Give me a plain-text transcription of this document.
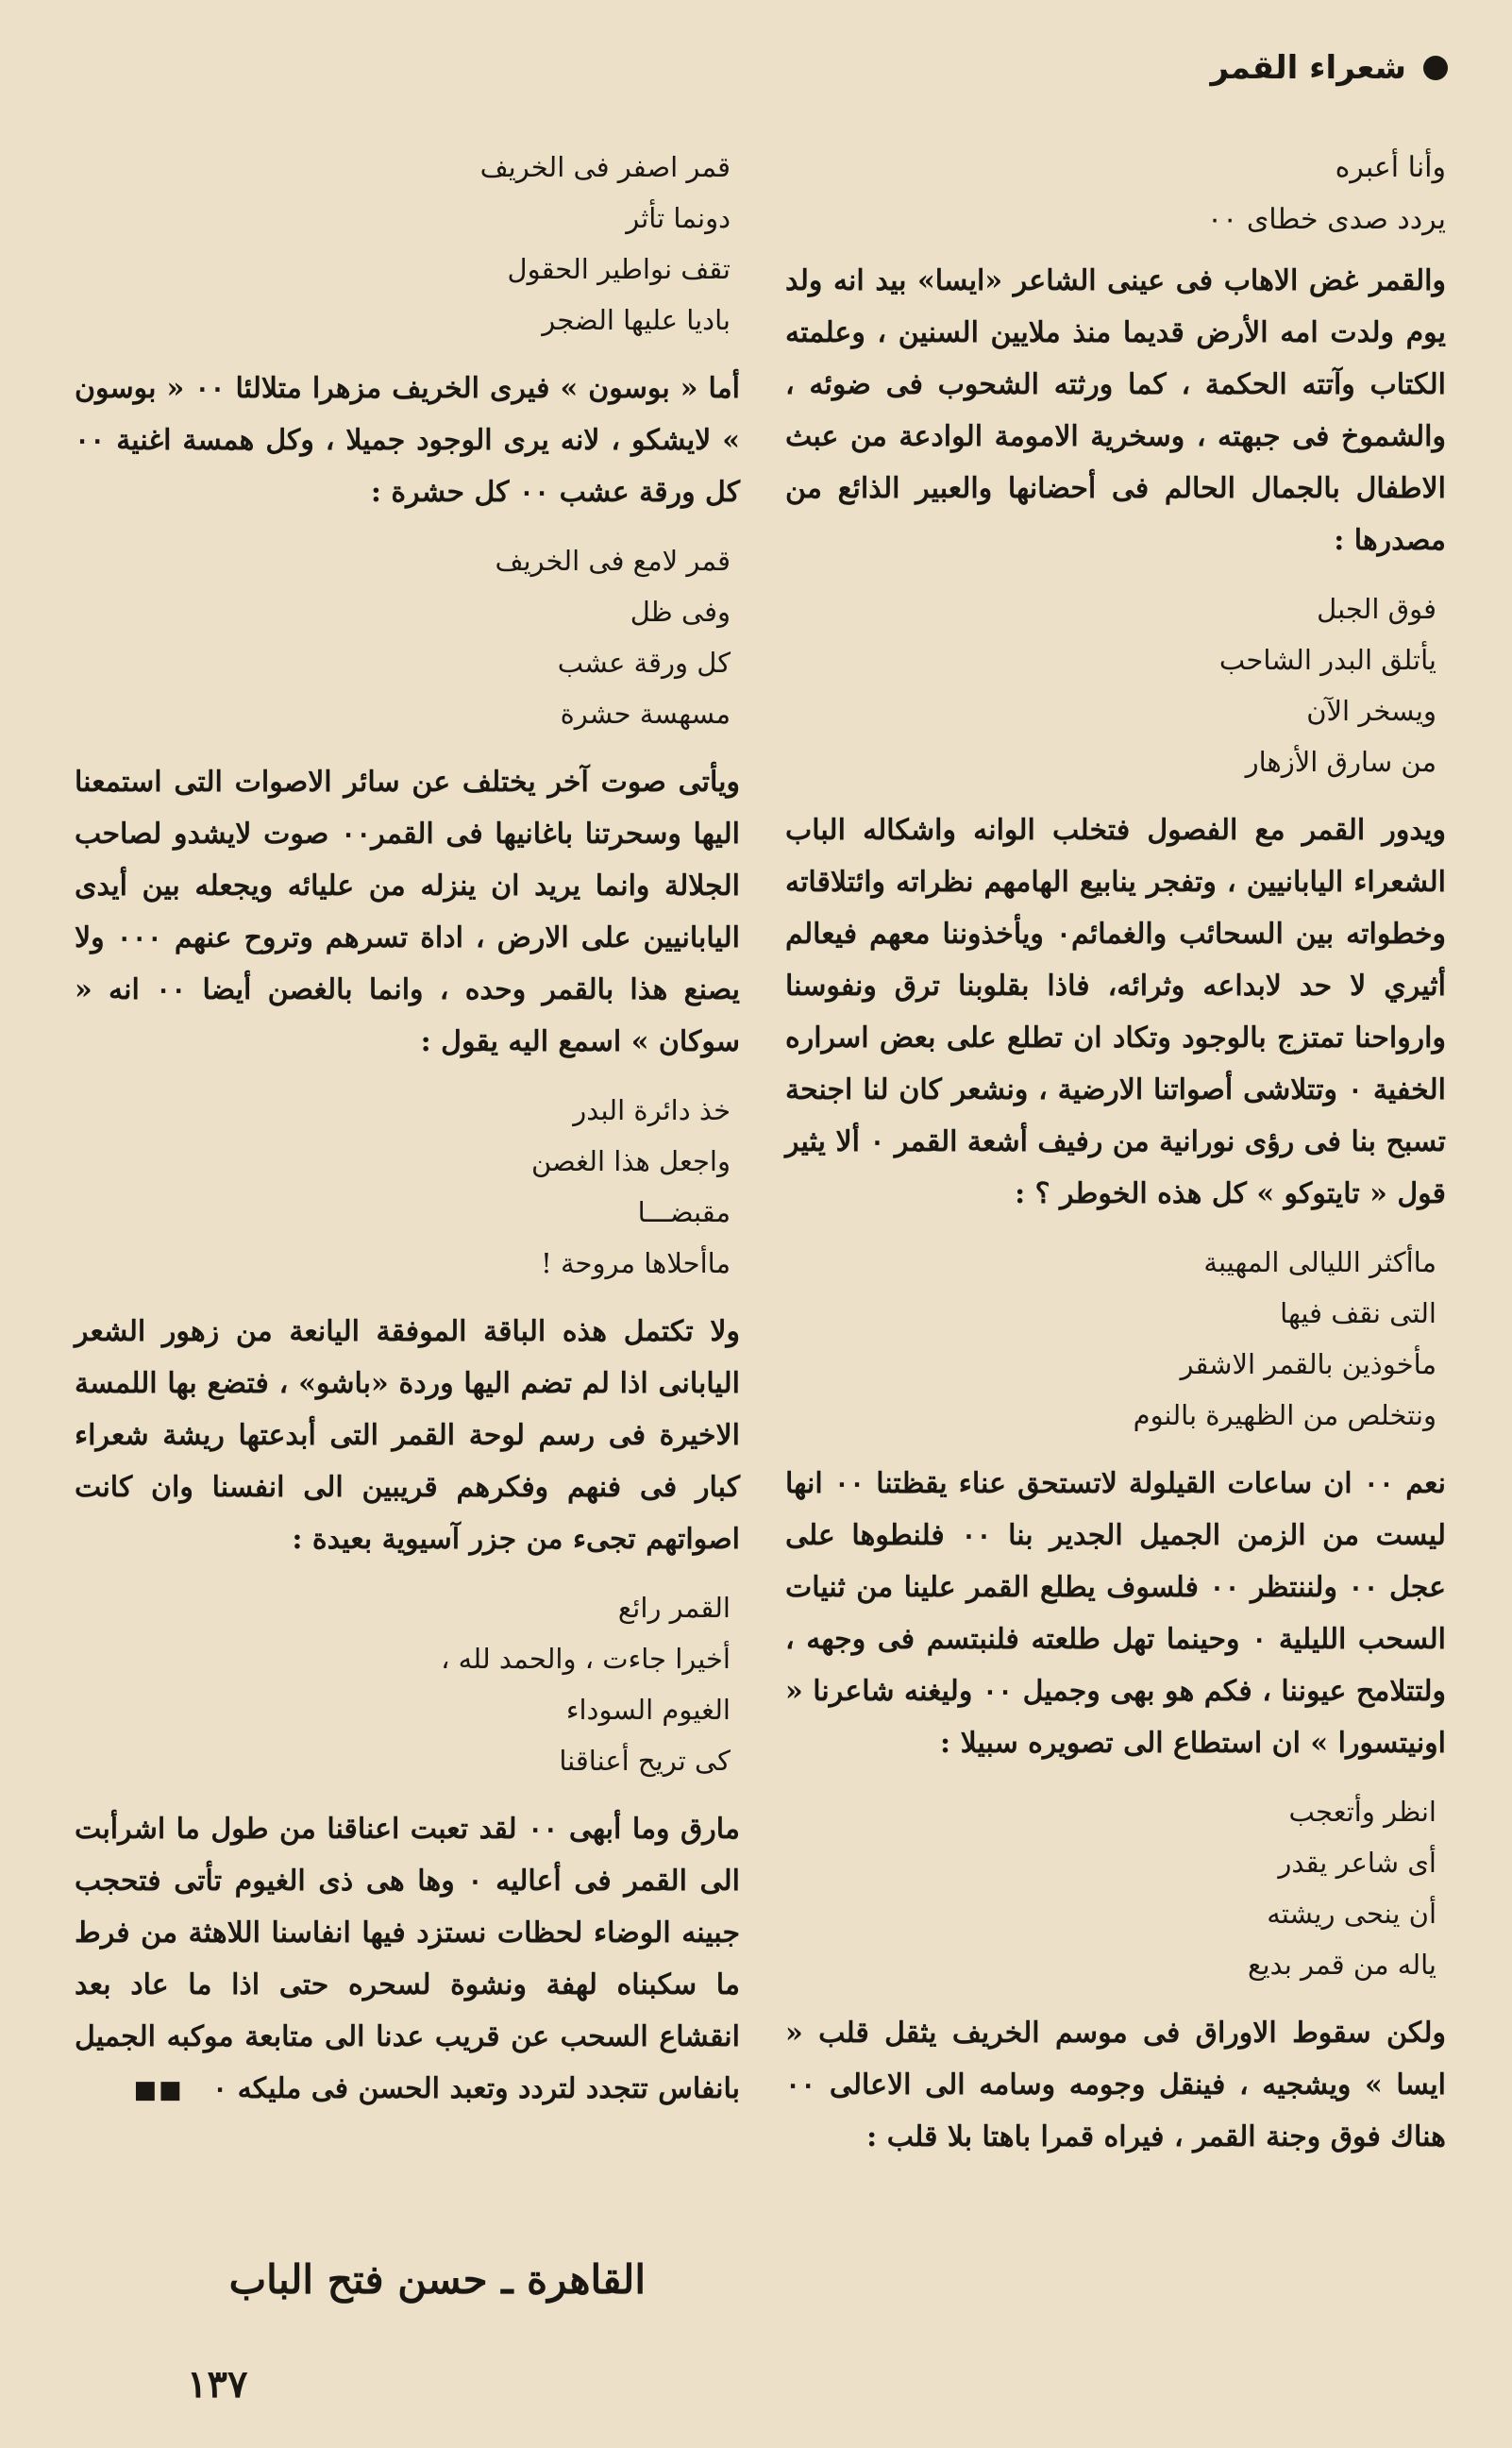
شعراء القمر
وأنا أعبره
يردد صدى خطاى ٠٠

والقمر غض الاهاب فى عينى الشاعر «ايسا» بيد انه ولد يوم ولدت امه الأرض قديما منذ ملايين السنين ، وعلمته الكتاب وآتته الحكمة ، كما ورثته الشحوب فى ضوئه ، والشموخ فى جبهته ، وسخرية الامومة الوادعة من عبث الاطفال بالجمال الحالم فى أحضانها والعبير الذائع من مصدرها :

فوق الجبل
يأتلق البدر الشاحب
ويسخر الآن
من سارق الأزهار

ويدور القمر مع الفصول فتخلب الوانه واشكاله الباب الشعراء اليابانيين ، وتفجر ينابيع الهامهم نظراته وائتلاقاته وخطواته بين السحائب والغمائم٠ ويأخذوننا معهم فيعالم أثيري لا حد لابداعه وثرائه، فاذا بقلوبنا ترق ونفوسنا وارواحنا تمتزج بالوجود وتكاد ان تطلع على بعض اسراره الخفية ٠ وتتلاشى أصواتنا الارضية ، ونشعر كان لنا اجنحة تسبح بنا فى رؤى نورانية من رفيف أشعة القمر ٠ ألا يثير قول « تايتوكو » كل هذه الخوطر ؟ :

ماأكثر الليالى المهيبة
التى نقف فيها
مأخوذين بالقمر الاشقر
ونتخلص من الظهيرة بالنوم

نعم ٠٠ ان ساعات القيلولة لاتستحق عناء يقظتنا ٠٠ انها ليست من الزمن الجميل الجدير بنا ٠٠ فلنطوها على عجل ٠٠ ولننتظر ٠٠ فلسوف يطلع القمر علينا من ثنيات السحب الليلية ٠ وحينما تهل طلعته فلنبتسم فى وجهه ، ولتتلامح عيوننا ، فكم هو بهى وجميل ٠٠ وليغنه شاعرنا « اونيتسورا » ان استطاع الى تصويره سبيلا :

انظر وأتعجب
أى شاعر يقدر
أن ينحى ريشته
ياله من قمر بديع

ولكن سقوط الاوراق فى موسم الخريف يثقل قلب « ايسا » ويشجيه ، فينقل وجومه وسامه الى الاعالى ٠٠ هناك فوق وجنة القمر ، فيراه قمرا باهتا بلا قلب :

قمر اصفر فى الخريف
دونما تأثر
تقف نواطير الحقول
باديا عليها الضجر

أما « بوسون » فيرى الخريف مزهرا متلالئا ٠٠ « بوسون » لايشكو ، لانه يرى الوجود جميلا ، وكل همسة اغنية ٠٠ كل ورقة عشب ٠٠ كل حشرة :

قمر لامع فى الخريف
وفى ظل
كل ورقة عشب
مسهسة حشرة

ويأتى صوت آخر يختلف عن سائر الاصوات التى استمعنا اليها وسحرتنا باغانيها فى القمر٠٠ صوت لايشدو لصاحب الجلالة وانما يريد ان ينزله من عليائه ويجعله بين أيدى اليابانيين على الارض ، اداة تسرهم وتروح عنهم ٠٠٠ ولا يصنع هذا بالقمر وحده ، وانما بالغصن أيضا ٠٠ انه « سوكان » اسمع اليه يقول :

خذ دائرة البدر
واجعل هذا الغصن
مقبضـــا
ماأحلاها مروحة !

ولا تكتمل هذه الباقة الموفقة اليانعة من زهور الشعر اليابانى اذا لم تضم اليها وردة «باشو» ، فتضع بها اللمسة الاخيرة فى رسم لوحة القمر التى أبدعتها ريشة شعراء كبار فى فنهم وفكرهم قريبين الى انفسنا وان كانت اصواتهم تجىء من جزر آسيوية بعيدة :

القمر رائع
أخيرا جاءت ، والحمد لله ،
الغيوم السوداء
كى تريح أعناقنا

مارق وما أبهى ٠٠ لقد تعبت اعناقنا من طول ما اشرأبت الى القمر فى أعاليه ٠ وها هى ذى الغيوم تأتى فتحجب جبينه الوضاء لحظات نستزد فيها انفاسنا اللاهثة من فرط ما سكبناه لهفة ونشوة لسحره حتى اذا ما عاد بعد انقشاع السحب عن قريب عدنا الى متابعة موكبه الجميل بانفاس تتجدد لتردد وتعبد الحسن فى مليكه ٠ ■■

القاهرة ـ حسن فتح الباب
١٣٧
